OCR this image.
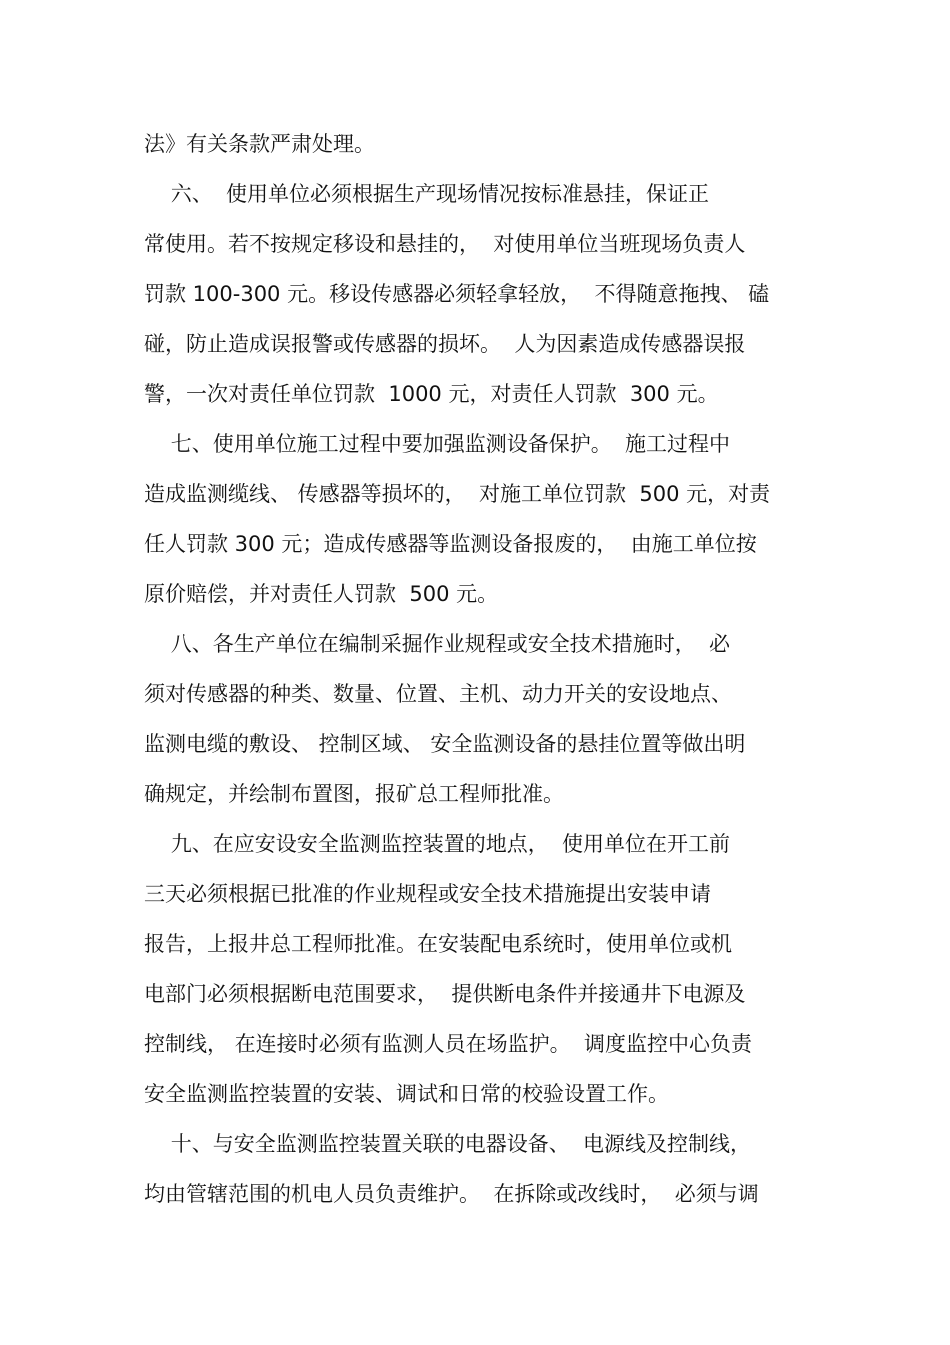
法》有关条款严肃处理。
六、  使用单位必须根据生产现场情况按标准悬挂，保证正
常使用。若不按规定移设和悬挂的，  对使用单位当班现场负责人
罚款 100-300 元。移设传感器必须轻拿轻放，  不得随意拖拽、 磕
碰，防止造成误报警或传感器的损坏。  人为因素造成传感器误报
警，一次对责任单位罚款  1000 元，对责任人罚款  300 元。
七、使用单位施工过程中要加强监测设备保护。  施工过程中
造成监测缆线、 传感器等损坏的，  对施工单位罚款  500 元，对责
任人罚款 300 元；造成传感器等监测设备报废的，  由施工单位按
原价赔偿，并对责任人罚款  500 元。
八、各生产单位在编制采掘作业规程或安全技术措施时，  必
须对传感器的种类、数量、位置、主机、动力开关的安设地点、
监测电缆的敷设、 控制区域、 安全监测设备的悬挂位置等做出明
确规定，并绘制布置图，报矿总工程师批准。
九、在应安设安全监测监控装置的地点，  使用单位在开工前
三天必须根据已批准的作业规程或安全技术措施提出安装申请
报告，上报井总工程师批准。在安装配电系统时，使用单位或机
电部门必须根据断电范围要求，  提供断电条件并接通井下电源及
控制线， 在连接时必须有监测人员在场监护。  调度监控中心负责
安全监测监控装置的安装、调试和日常的校验设置工作。
十、与安全监测监控装置关联的电器设备、  电源线及控制线，
均由管辖范围的机电人员负责维护。  在拆除或改线时，  必须与调
